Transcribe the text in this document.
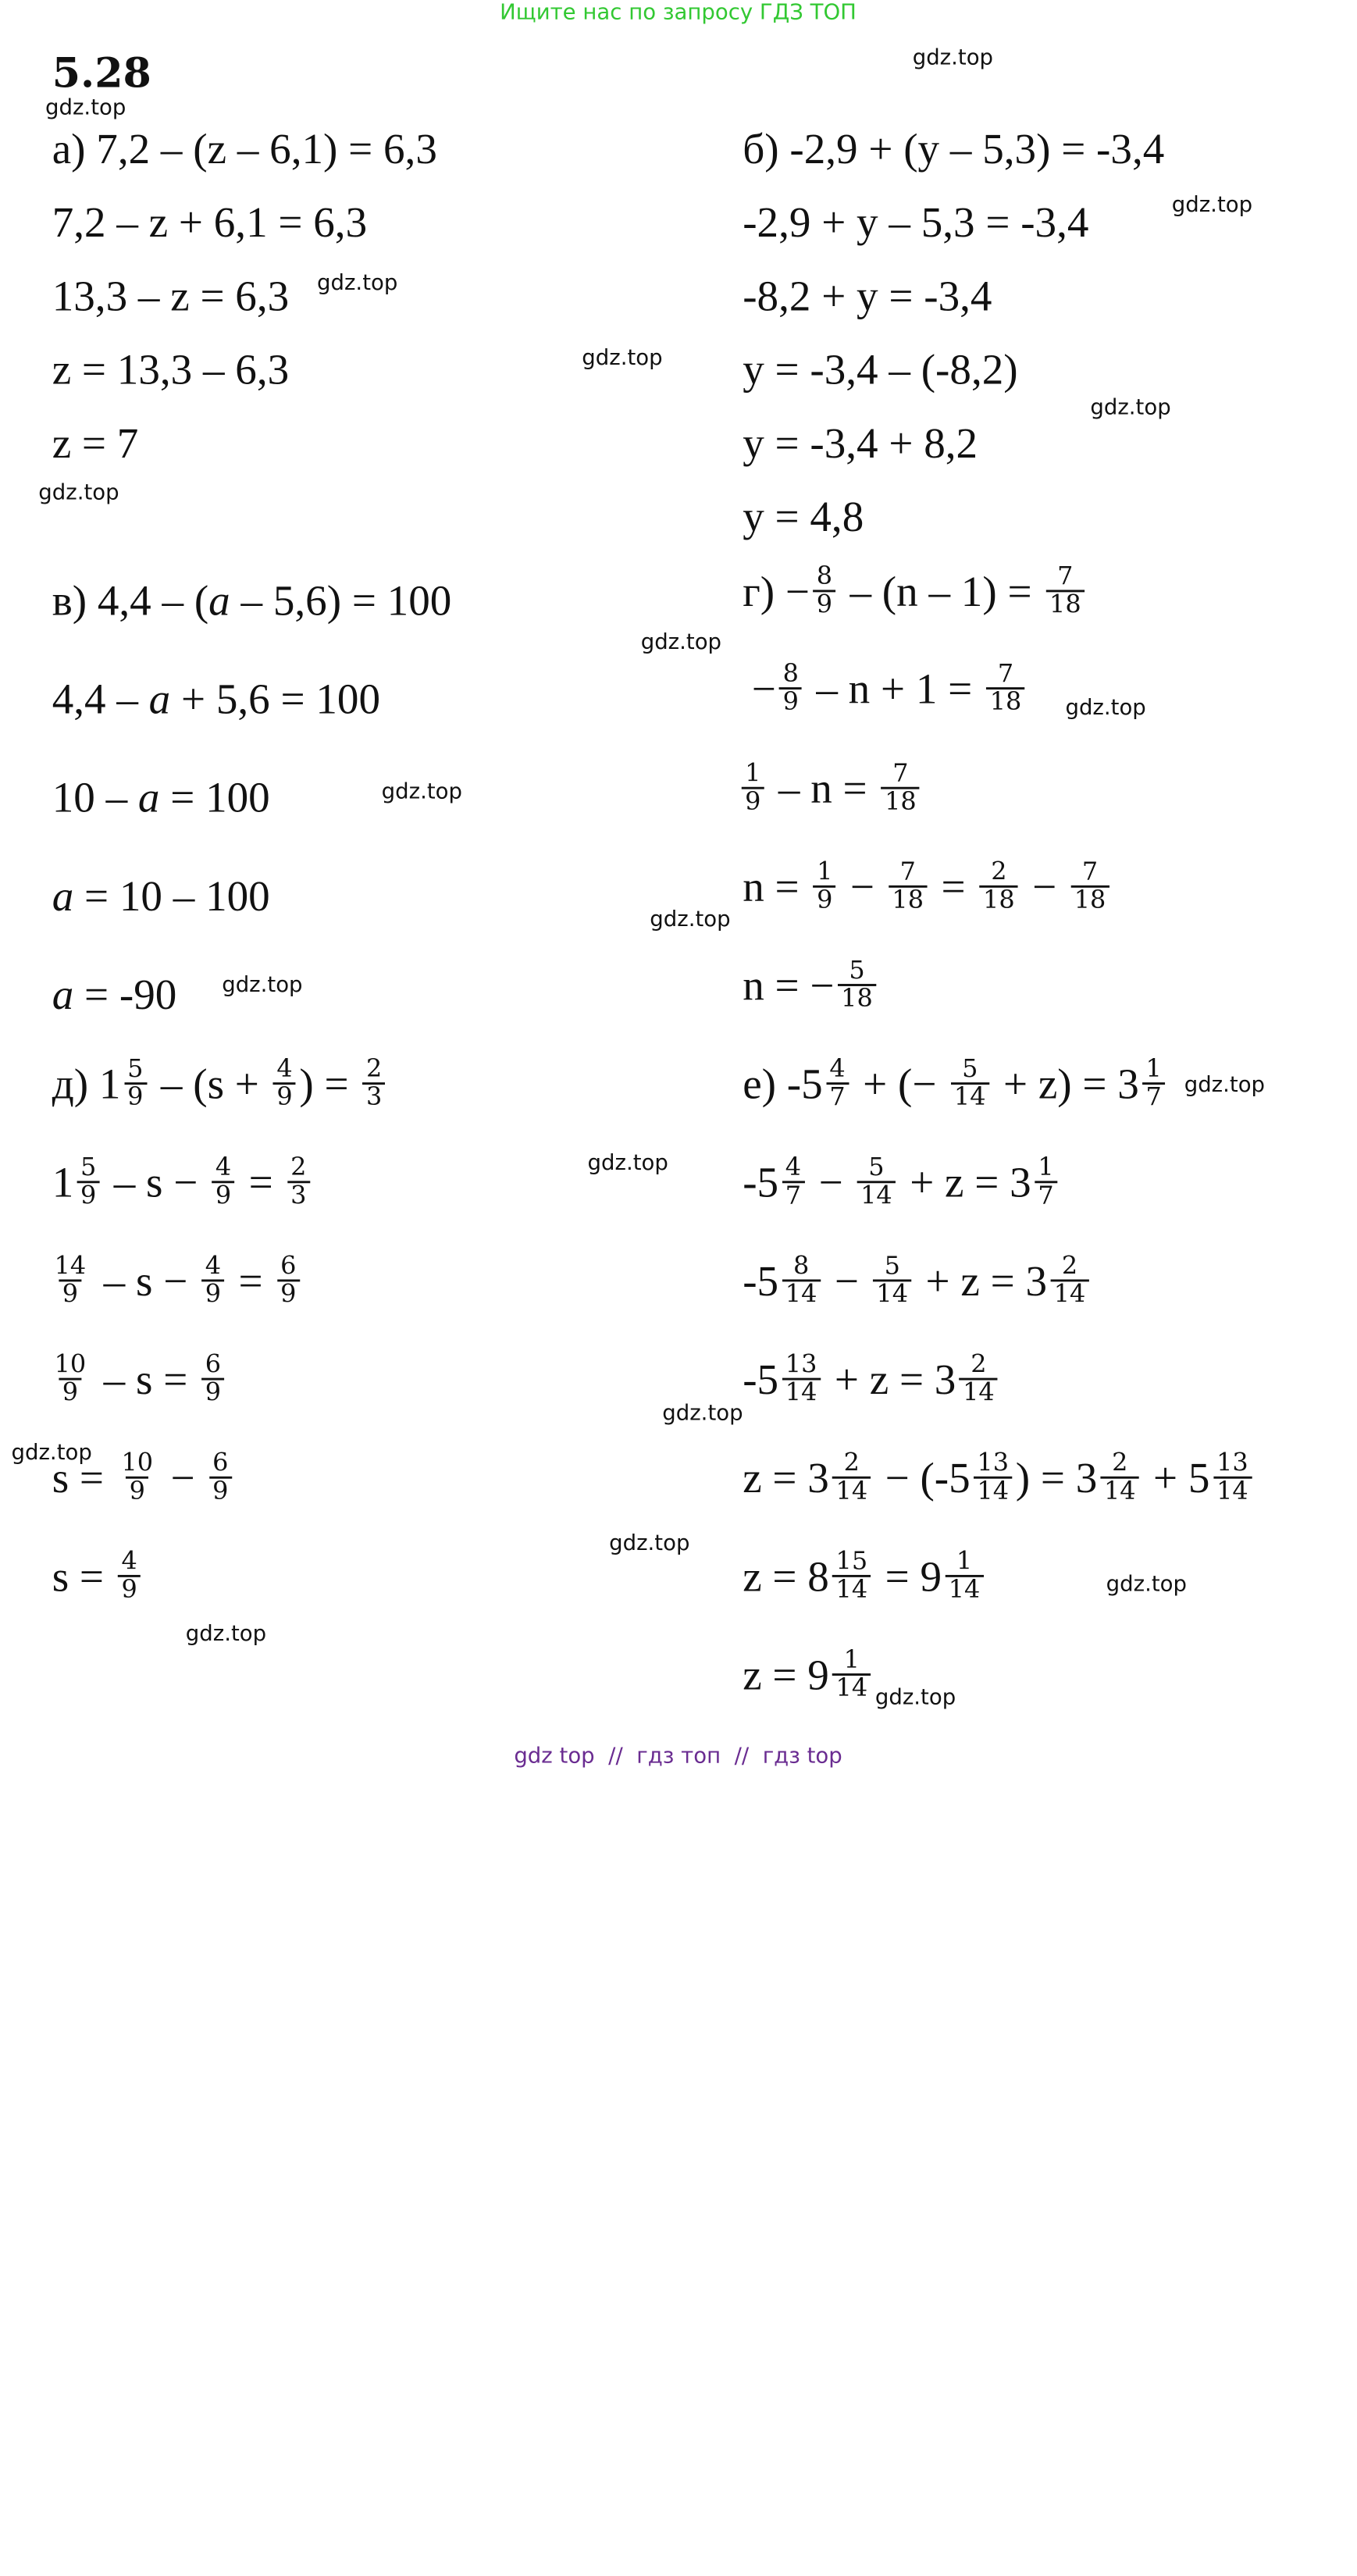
Ищите нас по запросу ГДЗ ТОП
5.28	gdz.top
gdz.top
gdz.top
gdz.top
gdz.top
gdz.top
gdz.top
gdz.top
gdz.top
gdz.top
gdz.top
gdz.top
gdz.top
gdz.top
gdz.top
gdz.top
gdz.top
gdz.top
gdz.top
gdz.top
а) 7,2 – (z – 6,1) = 6,3
7,2 – z + 6,1 = 6,3
13,3 – z = 6,3
z = 13,3 – 6,3
z = 7
б) -2,9 + (y – 5,3) = -3,4
-2,9 + y – 5,3 = -3,4
-8,2 + y = -3,4
y = -3,4 – (-8,2)
y = -3,4 + 8,2
y = 4,8
в) 4,4 – ( a – 5,6) = 100
4,4 – a + 5,6 = 100
10 – a = 100
a = 10 – 100
a = -90
$г) - \frac{8}{9} - (n - 1) = \frac{7}{18}$
− $\frac{8}{9} - n + 1 = \frac{7}{18}$
$\frac{1}{9} - n = \frac{7}{18}$
$n = \frac{1}{9} - \frac{7}{18} = \frac{2}{18} - \frac{7}{18}$
n = − $\frac{5}{18}$
д) $1 \frac{5}{9} - (s + \frac{4}{9}$ ) = $\frac{2}{3}$
$1 \frac{5}{9} - s - \frac{4}{9} = \frac{2}{3}$
$\frac{14}{9} - s - \frac{4}{9} = \frac{6}{9}$
$\frac{10}{9} - s = \frac{6}{9}$
$s = \frac{10}{9} - \frac{6}{9}$
$s = \frac{4}{9}$
е) $-5 \frac{4}{7}$ + (− $\frac{5}{14} + z) = 3 \frac{1}{7}$
$-5 \frac{4}{7} - \frac{5}{14} + z = 3 \frac{1}{7}$
$-5 \frac{8}{14} - \frac{5}{14} + z = 3 \frac{2}{14}$
$-5 \frac{13}{14} + z = 3 \frac{2}{14}$
$z = 3 \frac{2}{14} - (-5 \frac{13}{14}$ ) = $3 \frac{2}{14} + 5 \frac{13}{14}$
$z = 8 \frac{15}{14} = 9 \frac{1}{14}$
$z = 9 \frac{1}{14}$
gdz top  //  гдз топ  //  гдз top
